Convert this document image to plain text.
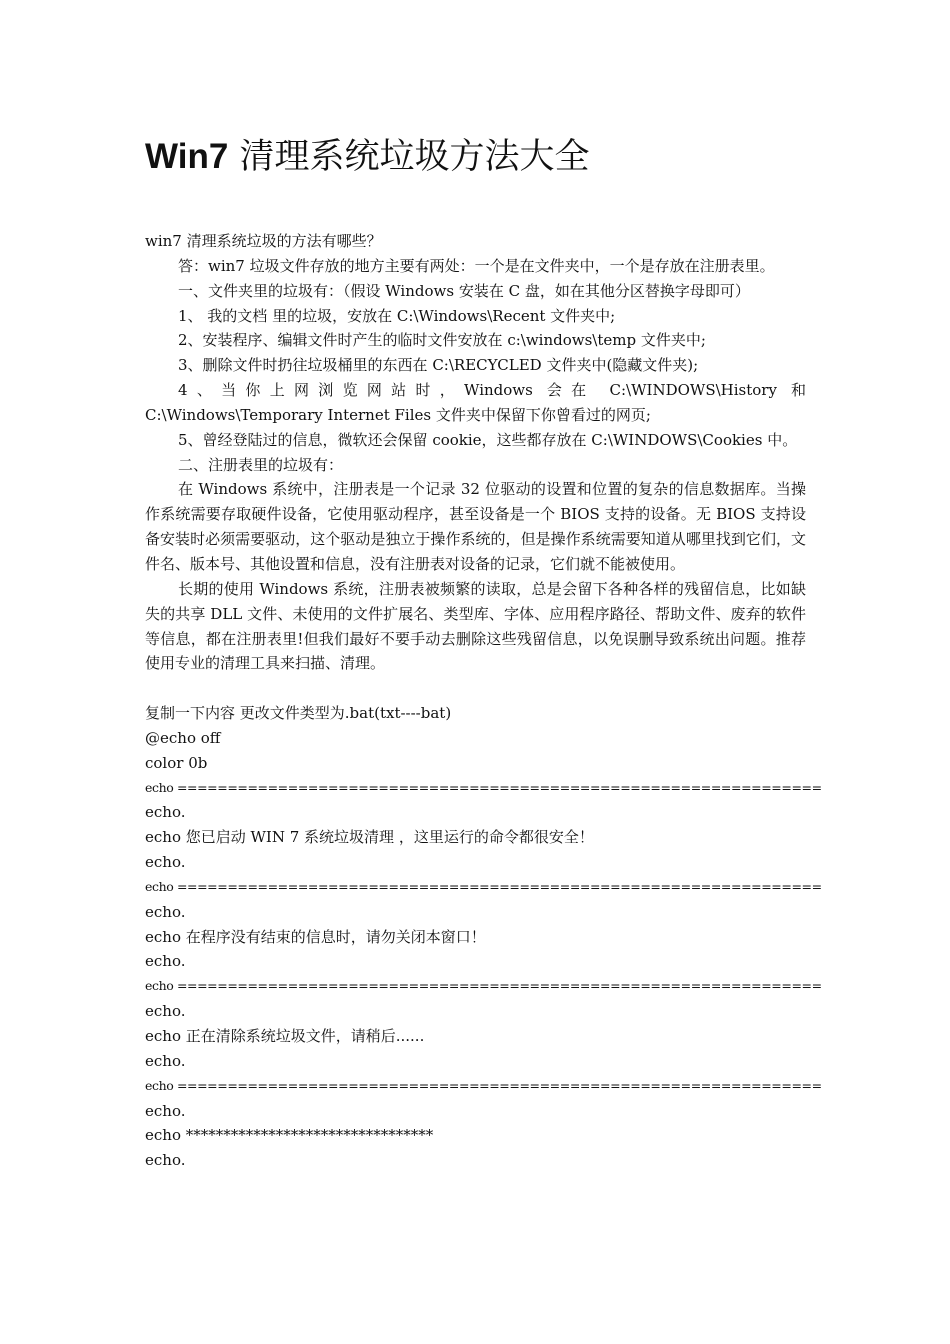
Win7 清理系统垃圾方法大全

win7 清理系统垃圾的方法有哪些？

答：win7 垃圾文件存放的地方主要有两处：一个是在文件夹中，一个是存放在注册表里。

一、文件夹里的垃圾有：（假设 Windows 安装在 C 盘，如在其他分区替换字母即可）

1、 我的文档 里的垃圾，安放在 C:\Windows\Recent 文件夹中;

2、安装程序、编辑文件时产生的临时文件安放在 c:\windows\temp 文件夹中;

3、删除文件时扔往垃圾桶里的东西在 C:\RECYCLED 文件夹中(隐藏文件夹);

4、当你上网浏览网站时，Windows 会在 C:\WINDOWS\History 和 C:\Windows\Temporary Internet Files 文件夹中保留下你曾看过的网页;

5、曾经登陆过的信息，微软还会保留 cookie，这些都存放在 C:\WINDOWS\Cookies 中。

二、注册表里的垃圾有：

在 Windows 系统中，注册表是一个记录 32 位驱动的设置和位置的复杂的信息数据库。当操作系统需要存取硬件设备，它使用驱动程序，甚至设备是一个 BIOS 支持的设备。无 BIOS 支持设备安装时必须需要驱动，这个驱动是独立于操作系统的，但是操作系统需要知道从哪里找到它们，文件名、版本号、其他设置和信息，没有注册表对设备的记录，它们就不能被使用。

长期的使用 Windows 系统，注册表被频繁的读取，总是会留下各种各样的残留信息，比如缺失的共享 DLL 文件、未使用的文件扩展名、类型库、字体、应用程序路径、帮助文件、废弃的软件等信息，都在注册表里!但我们最好不要手动去删除这些残留信息，以免误删导致系统出问题。推荐使用专业的清理工具来扫描、清理。

复制一下内容 更改文件类型为.bat(txt----bat)

@echo off

color 0b

echo ================================================================

echo.

echo 您已启动 WIN 7 系统垃圾清理 ，这里运行的命令都很安全！

echo.

echo ================================================================

echo.

echo 在程序没有结束的信息时，请勿关闭本窗口！

echo.

echo ================================================================

echo.

echo 正在清除系统垃圾文件，请稍后......

echo.

echo ================================================================

echo.

echo *********************************

echo.
